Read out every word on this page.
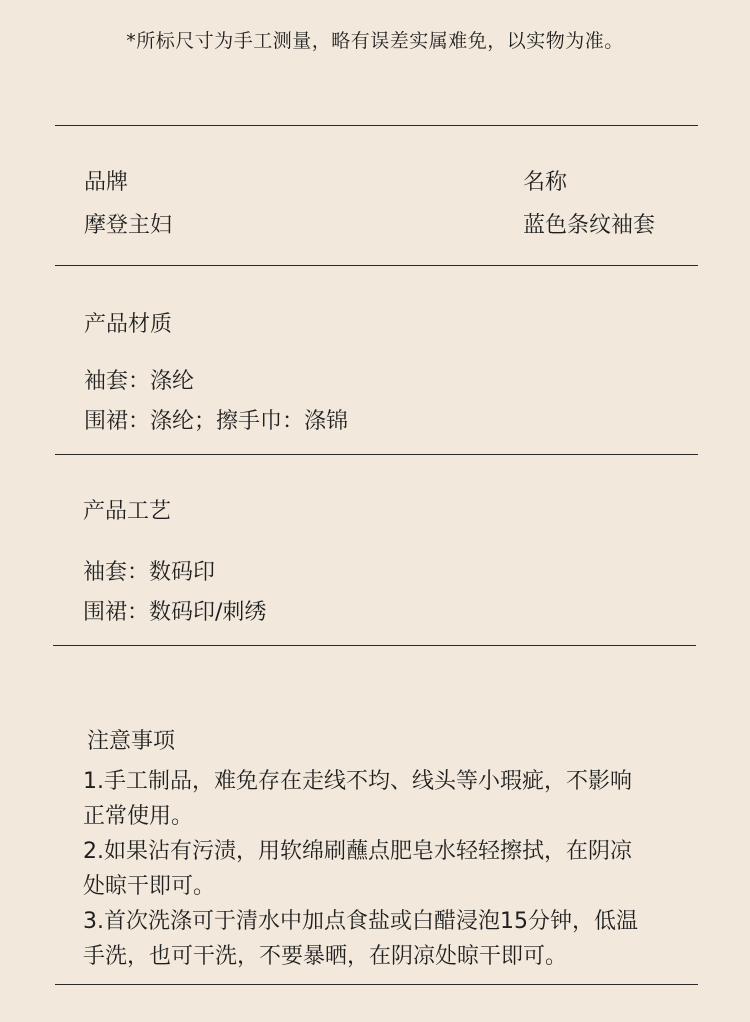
*所标尺寸为手工测量，略有误差实属难免，以实物为准。
品牌
摩登主妇
名称
蓝色条纹袖套
产品材质
袖套：涤纶
围裙：涤纶；擦手巾：涤锦
产品工艺
袖套：数码印
围裙：数码印/刺绣
注意事项
1.手工制品，难免存在走线不均、线头等小瑕疵，不影响
正常使用。
2.如果沾有污渍，用软绵刷蘸点肥皂水轻轻擦拭，在阴凉
处晾干即可。
3.首次洗涤可于清水中加点食盐或白醋浸泡15分钟，低温
手洗，也可干洗，不要暴晒，在阴凉处晾干即可。
